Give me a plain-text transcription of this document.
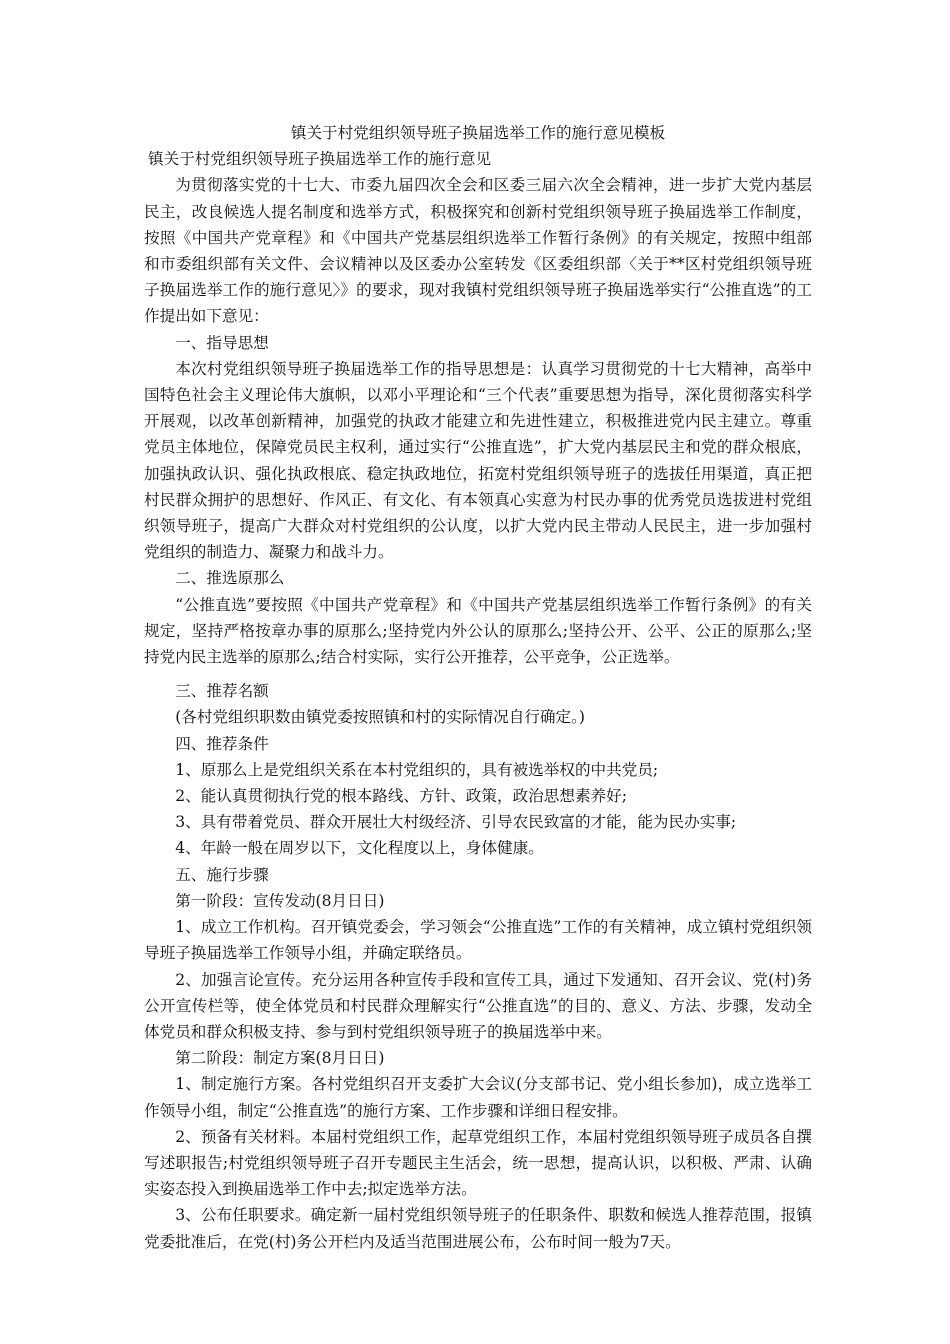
镇关于村党组织领导班子换届选举工作的施行意见模板

镇关于村党组织领导班子换届选举工作的施行意见

为贯彻落实党的十七大、市委九届四次全会和区委三届六次全会精神，进一步扩大党内基层民主，改良候选人提名制度和选举方式，积极探究和创新村党组织领导班子换届选举工作制度，按照《中国共产党章程》和《中国共产党基层组织选举工作暂行条例》的有关规定，按照中组部和市委组织部有关文件、会议精神以及区委办公室转发《区委组织部〈关于**区村党组织领导班子换届选举工作的施行意见〉》的要求，现对我镇村党组织领导班子换届选举实行“公推直选”的工作提出如下意见：

一、指导思想

本次村党组织领导班子换届选举工作的指导思想是：认真学习贯彻党的十七大精神，高举中国特色社会主义理论伟大旗帜，以邓小平理论和“三个代表”重要思想为指导，深化贯彻落实科学开展观，以改革创新精神，加强党的执政才能建立和先进性建立，积极推进党内民主建立。尊重党员主体地位，保障党员民主权利，通过实行“公推直选”，扩大党内基层民主和党的群众根底，加强执政认识、强化执政根底、稳定执政地位，拓宽村党组织领导班子的选拔任用渠道，真正把村民群众拥护的思想好、作风正、有文化、有本领真心实意为村民办事的优秀党员选拔进村党组织领导班子，提高广大群众对村党组织的公认度，以扩大党内民主带动人民民主，进一步加强村党组织的制造力、凝聚力和战斗力。

二、推选原那么

“公推直选”要按照《中国共产党章程》和《中国共产党基层组织选举工作暂行条例》的有关规定，坚持严格按章办事的原那么;坚持党内外公认的原那么;坚持公开、公平、公正的原那么;坚持党内民主选举的原那么;结合村实际，实行公开推荐，公平竞争，公正选举。

三、推荐名额

(各村党组织职数由镇党委按照镇和村的实际情况自行确定。)

四、推荐条件

1、原那么上是党组织关系在本村党组织的，具有被选举权的中共党员;

2、能认真贯彻执行党的根本路线、方针、政策，政治思想素养好;

3、具有带着党员、群众开展壮大村级经济、引导农民致富的才能，能为民办实事;

4、年龄一般在周岁以下，文化程度以上，身体健康。

五、施行步骤

第一阶段：宣传发动(8月日日)

1、成立工作机构。召开镇党委会，学习领会“公推直选”工作的有关精神，成立镇村党组织领导班子换届选举工作领导小组，并确定联络员。

2、加强言论宣传。充分运用各种宣传手段和宣传工具，通过下发通知、召开会议、党(村)务公开宣传栏等，使全体党员和村民群众理解实行“公推直选”的目的、意义、方法、步骤，发动全体党员和群众积极支持、参与到村党组织领导班子的换届选举中来。

第二阶段：制定方案(8月日日)

1、制定施行方案。各村党组织召开支委扩大会议(分支部书记、党小组长参加)，成立选举工作领导小组，制定“公推直选”的施行方案、工作步骤和详细日程安排。

2、预备有关材料。本届村党组织工作，起草党组织工作，本届村党组织领导班子成员各自撰写述职报告;村党组织领导班子召开专题民主生活会，统一思想，提高认识，以积极、严肃、认确实姿态投入到换届选举工作中去;拟定选举方法。

3、公布任职要求。确定新一届村党组织领导班子的任职条件、职数和候选人推荐范围，报镇党委批准后，在党(村)务公开栏内及适当范围进展公布，公布时间一般为7天。
